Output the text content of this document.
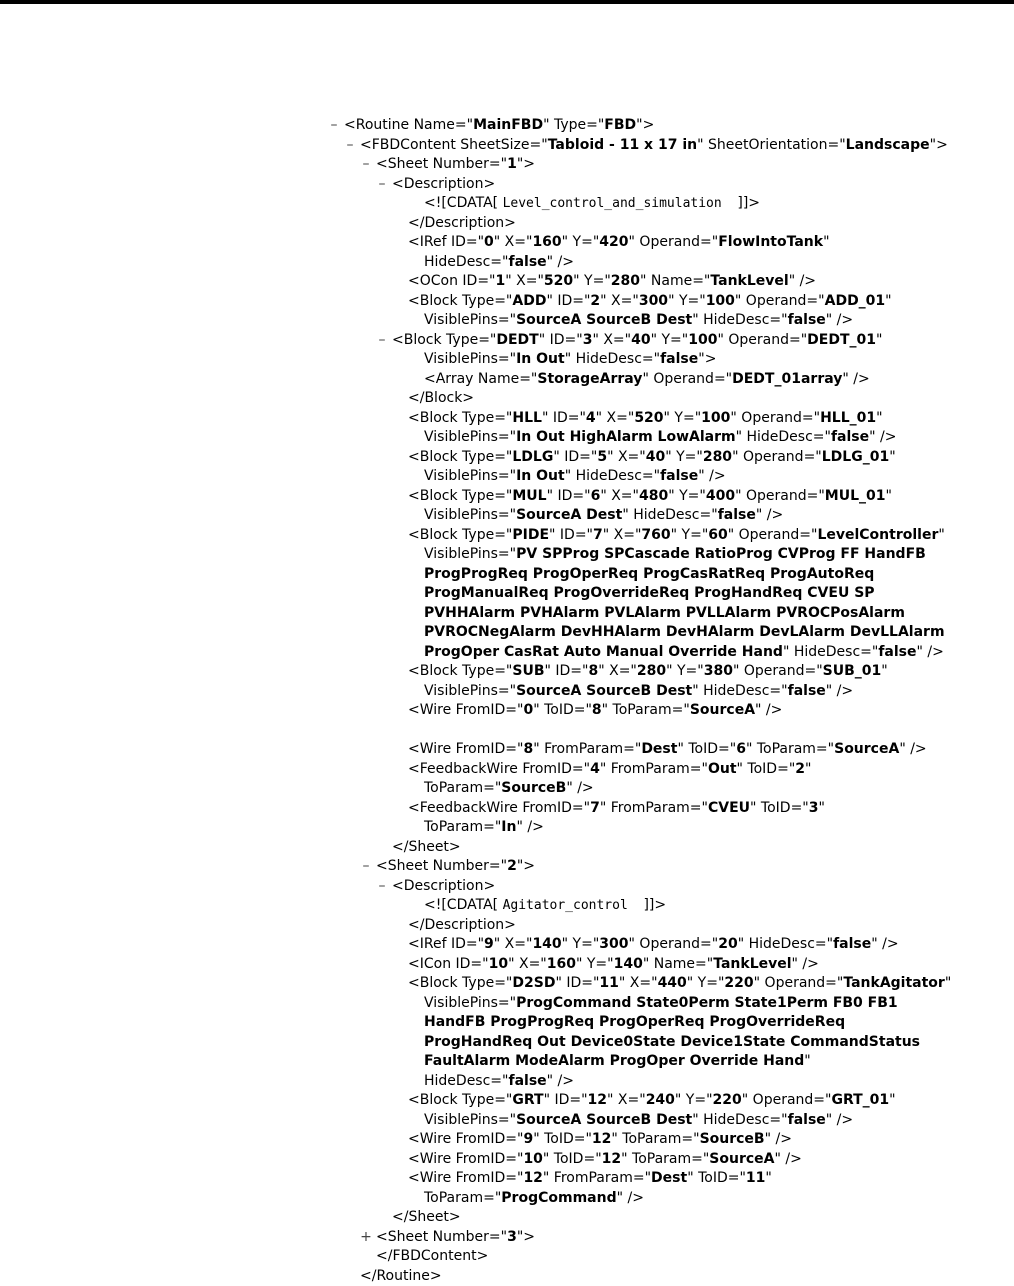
– <Routine Name="MainFBD" Type="FBD">
– <FBDContent SheetSize="Tabloid - 11 x 17 in" SheetOrientation="Landscape">
– <Sheet Number="1">
– <Description>
<![CDATA[ Level_control_and_simulation  ]]>
</Description>
<IRef ID="0" X="160" Y="420" Operand="FlowIntoTank"
HideDesc="false" />
<OCon ID="1" X="520" Y="280" Name="TankLevel" />
<Block Type="ADD" ID="2" X="300" Y="100" Operand="ADD_01"
VisiblePins="SourceA SourceB Dest" HideDesc="false" />
– <Block Type="DEDT" ID="3" X="40" Y="100" Operand="DEDT_01"
VisiblePins="In Out" HideDesc="false">
<Array Name="StorageArray" Operand="DEDT_01array" />
</Block>
<Block Type="HLL" ID="4" X="520" Y="100" Operand="HLL_01"
VisiblePins="In Out HighAlarm LowAlarm" HideDesc="false" />
<Block Type="LDLG" ID="5" X="40" Y="280" Operand="LDLG_01"
VisiblePins="In Out" HideDesc="false" />
<Block Type="MUL" ID="6" X="480" Y="400" Operand="MUL_01"
VisiblePins="SourceA Dest" HideDesc="false" />
<Block Type="PIDE" ID="7" X="760" Y="60" Operand="LevelController"
VisiblePins="PV SPProg SPCascade RatioProg CVProg FF HandFB
ProgProgReq ProgOperReq ProgCasRatReq ProgAutoReq
ProgManualReq ProgOverrideReq ProgHandReq CVEU SP
PVHHAlarm PVHAlarm PVLAlarm PVLLAlarm PVROCPosAlarm
PVROCNegAlarm DevHHAlarm DevHAlarm DevLAlarm DevLLAlarm
ProgOper CasRat Auto Manual Override Hand" HideDesc="false" />
<Block Type="SUB" ID="8" X="280" Y="380" Operand="SUB_01"
VisiblePins="SourceA SourceB Dest" HideDesc="false" />
<Wire FromID="0" ToID="8" ToParam="SourceA" />
<Wire FromID="8" FromParam="Dest" ToID="6" ToParam="SourceA" />
<FeedbackWire FromID="4" FromParam="Out" ToID="2"
ToParam="SourceB" />
<FeedbackWire FromID="7" FromParam="CVEU" ToID="3"
ToParam="In" />
</Sheet>
– <Sheet Number="2">
– <Description>
<![CDATA[ Agitator_control  ]]>
</Description>
<IRef ID="9" X="140" Y="300" Operand="20" HideDesc="false" />
<ICon ID="10" X="160" Y="140" Name="TankLevel" />
<Block Type="D2SD" ID="11" X="440" Y="220" Operand="TankAgitator"
VisiblePins="ProgCommand State0Perm State1Perm FB0 FB1
HandFB ProgProgReq ProgOperReq ProgOverrideReq
ProgHandReq Out Device0State Device1State CommandStatus
FaultAlarm ModeAlarm ProgOper Override Hand"
HideDesc="false" />
<Block Type="GRT" ID="12" X="240" Y="220" Operand="GRT_01"
VisiblePins="SourceA SourceB Dest" HideDesc="false" />
<Wire FromID="9" ToID="12" ToParam="SourceB" />
<Wire FromID="10" ToID="12" ToParam="SourceA" />
<Wire FromID="12" FromParam="Dest" ToID="11"
ToParam="ProgCommand" />
</Sheet>
+ <Sheet Number="3">
</FBDContent>
</Routine>
